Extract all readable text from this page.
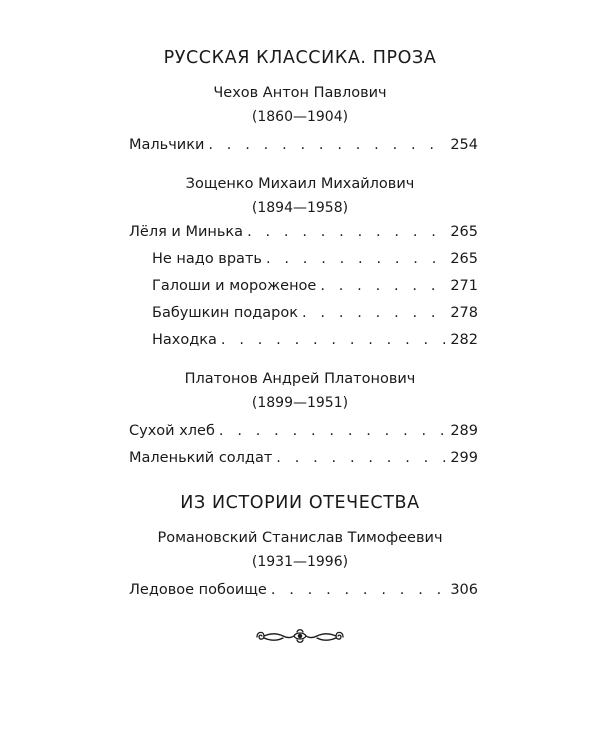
РУССКАЯ КЛАССИКА. ПРОЗА
Чехов Антон Павлович
(1860—1904)
Мальчики . . .	254
Зощенко Михаил Михайлович
(1894—1958)
Лёля и Минька . . .	265
Не надо врать . . .	265
Галоши и мороженое . . .	271
Бабушкин подарок . . .	278
Находка . . .	282
Платонов Андрей Платонович
(1899—1951)
Сухой хлеб . . .	289
Маленький солдат . . .	299
ИЗ ИСТОРИИ ОТЕЧЕСТВА
Романовский Станислав Тимофеевич
(1931—1996)
Ледовое побоище . . .	306
